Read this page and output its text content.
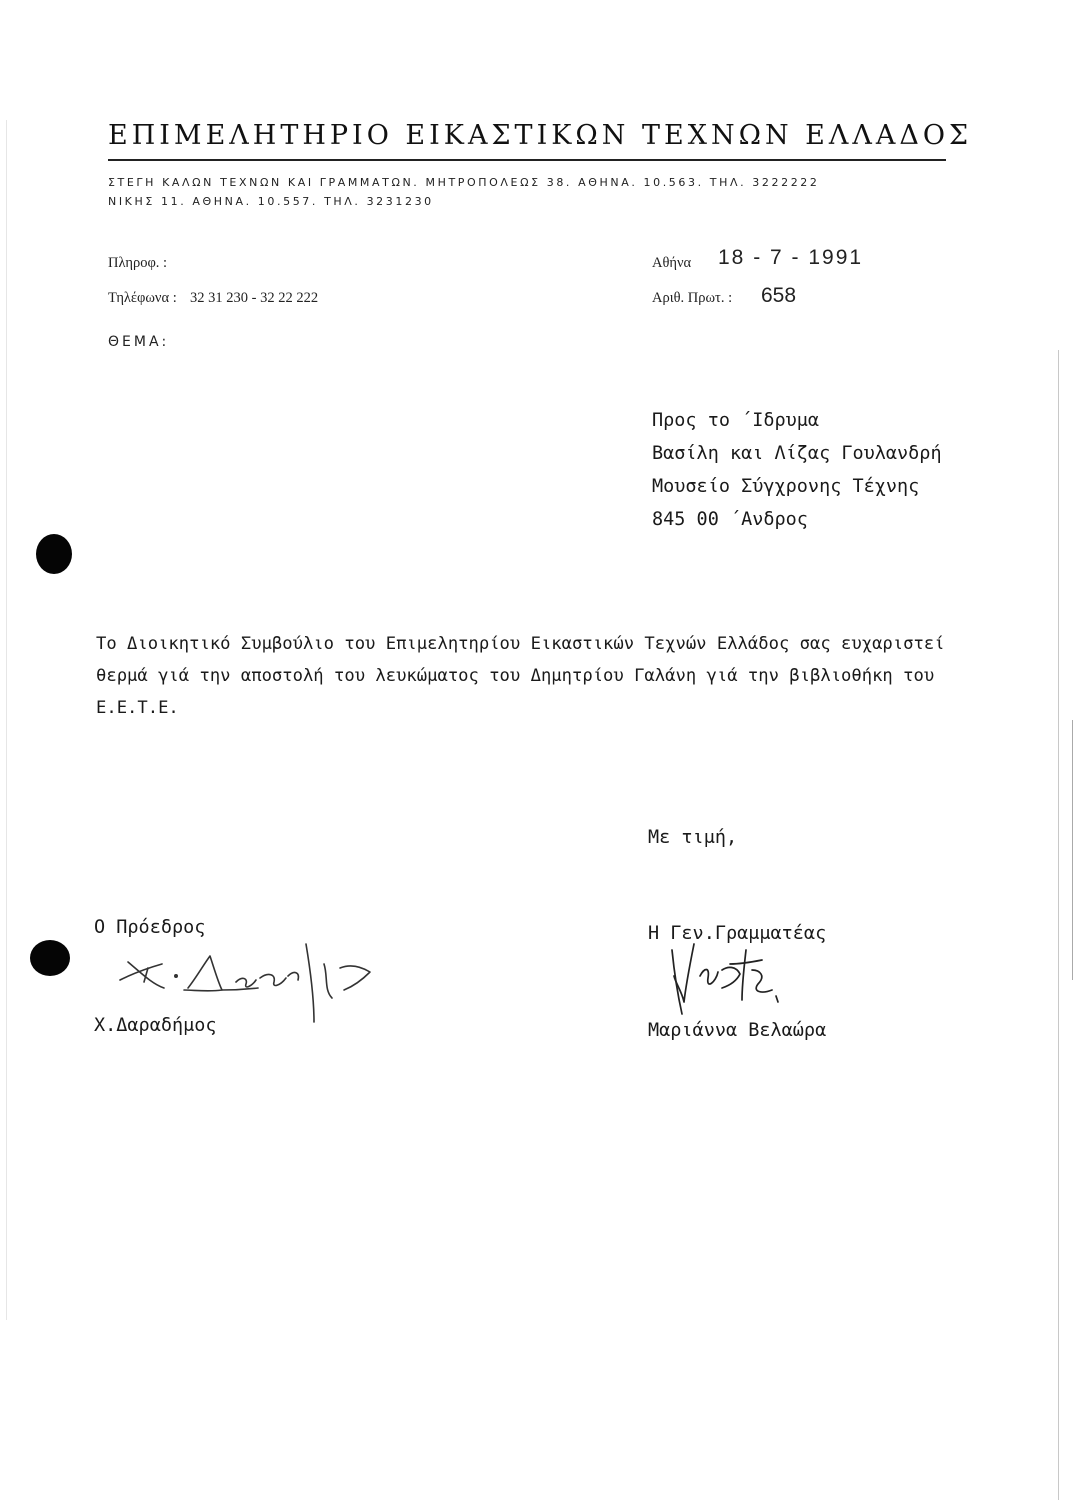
ΕΠΙΜΕΛΗΤΗΡΙΟ ΕΙΚΑΣΤΙΚΩΝ ΤΕΧΝΩΝ ΕΛΛΑΔΟΣ
ΣΤΕΓΗ ΚΑΛΩΝ ΤΕΧΝΩΝ ΚΑΙ ΓΡΑΜΜΑΤΩΝ. ΜΗΤΡΟΠΟΛΕΩΣ 38. ΑΘΗΝΑ. 10.563. ΤΗΛ. 3222222
ΝΙΚΗΣ 11. ΑΘΗΝΑ. 10.557. ΤΗΛ. 3231230
Πληροφ. :
Τηλέφωνα : 32 31 230 - 32 22 222
Αθήνα 18 - 7 - 1991
Αριθ. Πρωτ. : 658
ΘΕΜΑ:
Προς το ΄Ιδρυμα
Βασίλη και Λίζας Γουλανδρή
Μουσείο Σύγχρονης Τέχνης
845 00 ΄Ανδρος
Το Διοικητικό Συμβούλιο του Επιμελητηρίου Εικαστικών Τεχνών Ελλάδος σας ευχαριστεί θερμά γιά την αποστολή του λευκώματος του Δημητρίου Γαλάνη γιά την βιβλιοθήκη του Ε.Ε.Τ.Ε.
Με τιμή,
Ο Πρόεδρος
Χ.Δαραδήμος
Η Γεν.Γραμματέας
Μαριάννα Βελαώρα
